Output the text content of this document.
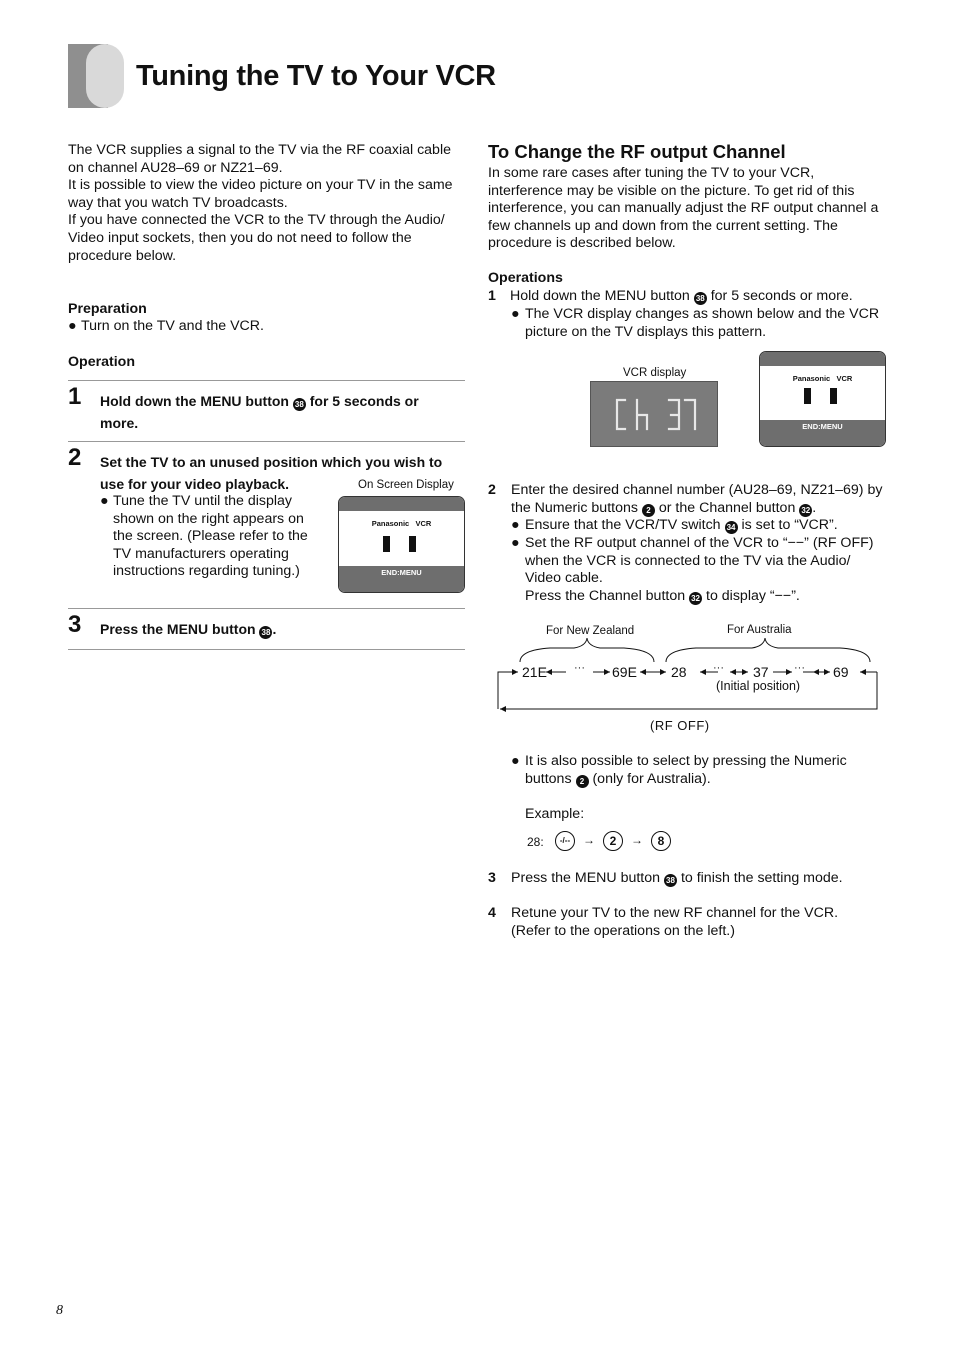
Tuning the TV to Your VCR
The VCR supplies a signal to the TV via the RF coaxial cable on channel AU28–69 or NZ21–69.
It is possible to view the video picture on your TV in the same way that you watch TV broadcasts.
If you have connected the VCR to the TV through the Audio/ Video input sockets, then you do not need to follow the procedure below.
Preparation
● Turn on the TV and the VCR.
Operation
1 Hold down the MENU button 38 for 5 seconds or more.
2 Set the TV to an unused position which you wish to use for your video playback.
● Tune the TV until the display shown on the right appears on the screen. (Please refer to the TV manufacturers operating instructions regarding tuning.)
On Screen Display
Panasonic VCR
END:MENU
3 Press the MENU button 38 .
To Change the RF output Channel
In some rare cases after tuning the TV to your VCR, interference may be visible on the picture. To get rid of this interference, you can manually adjust the RF output channel a few channels up and down from the current setting. The procedure is described below.
Operations
1 Hold down the MENU button 38 for 5 seconds or more.
● The VCR display changes as shown below and the VCR picture on the TV displays this pattern.
VCR display	Panasonic VCR
END:MENU
2	Enter the desired channel number (AU28–69, NZ21–69) by the Numeric buttons 2 or the Channel button 32 .
● Ensure that the VCR/TV switch 34 is set to “VCR”.
● Set the RF output channel of the VCR to “−−” (RF OFF) when the VCR is connected to the TV via the Audio/ Video cable.
Press the Channel button 32 to display “−−”.
For New Zealand	For Australia
21E ··· 69E 28 ··· 37 ··· 69
(Initial position)
(RF OFF)
● It is also possible to select by pressing the Numeric buttons 2 (only for Australia).
Example:
28:	-/--	→	2	→	8
3 Press the MENU button 38 to finish the setting mode.
4	Retune your TV to the new RF channel for the VCR. (Refer to the operations on the left.)
8
